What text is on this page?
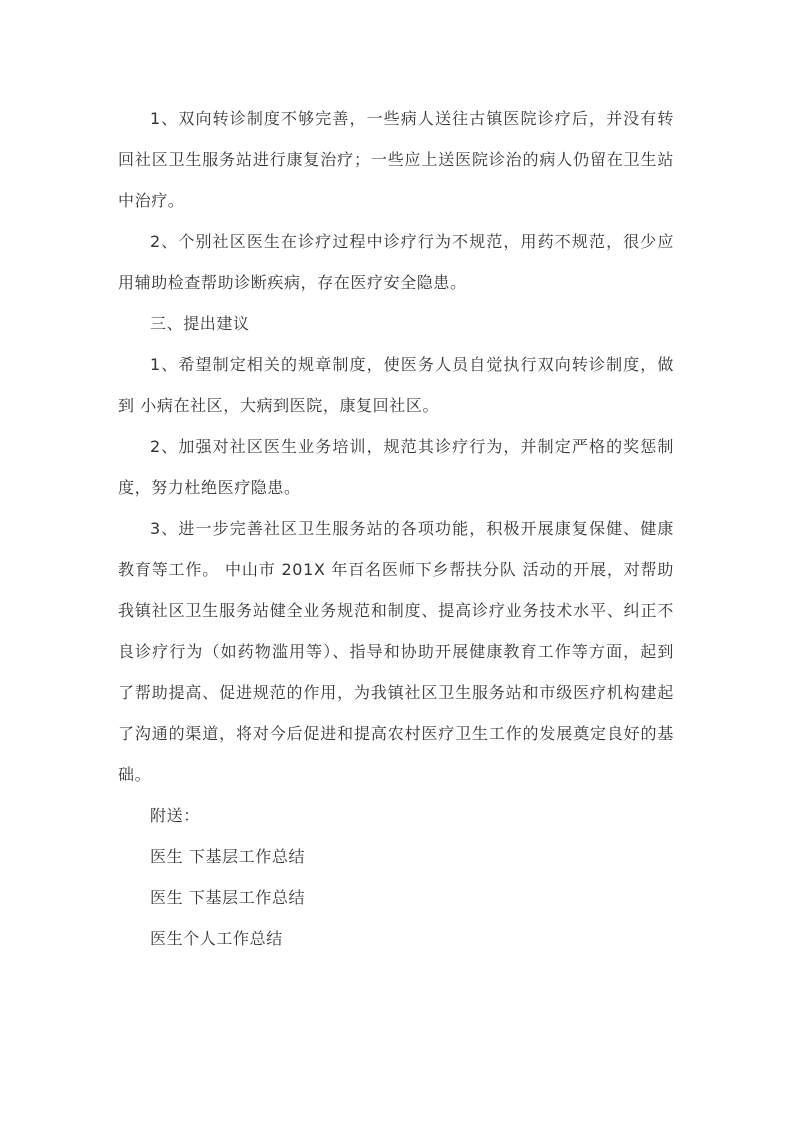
1、双向转诊制度不够完善，一些病人送往古镇医院诊疗后，并没有转回社区卫生服务站进行康复治疗；一些应上送医院诊治的病人仍留在卫生站中治疗。

2、个别社区医生在诊疗过程中诊疗行为不规范，用药不规范，很少应用辅助检查帮助诊断疾病，存在医疗安全隐患。

三、提出建议

1、希望制定相关的规章制度，使医务人员自觉执行双向转诊制度，做到 小病在社区，大病到医院，康复回社区。

2、加强对社区医生业务培训，规范其诊疗行为，并制定严格的奖惩制度，努力杜绝医疗隐患。

3、进一步完善社区卫生服务站的各项功能，积极开展康复保健、健康教育等工作。 中山市 201X 年百名医师下乡帮扶分队 活动的开展，对帮助我镇社区卫生服务站健全业务规范和制度、提高诊疗业务技术水平、纠正不良诊疗行为（如药物滥用等）、指导和协助开展健康教育工作等方面，起到了帮助提高、促进规范的作用，为我镇社区卫生服务站和市级医疗机构建起了沟通的渠道，将对今后促进和提高农村医疗卫生工作的发展奠定良好的基础。

附送：

医生 下基层工作总结

医生 下基层工作总结

医生个人工作总结
